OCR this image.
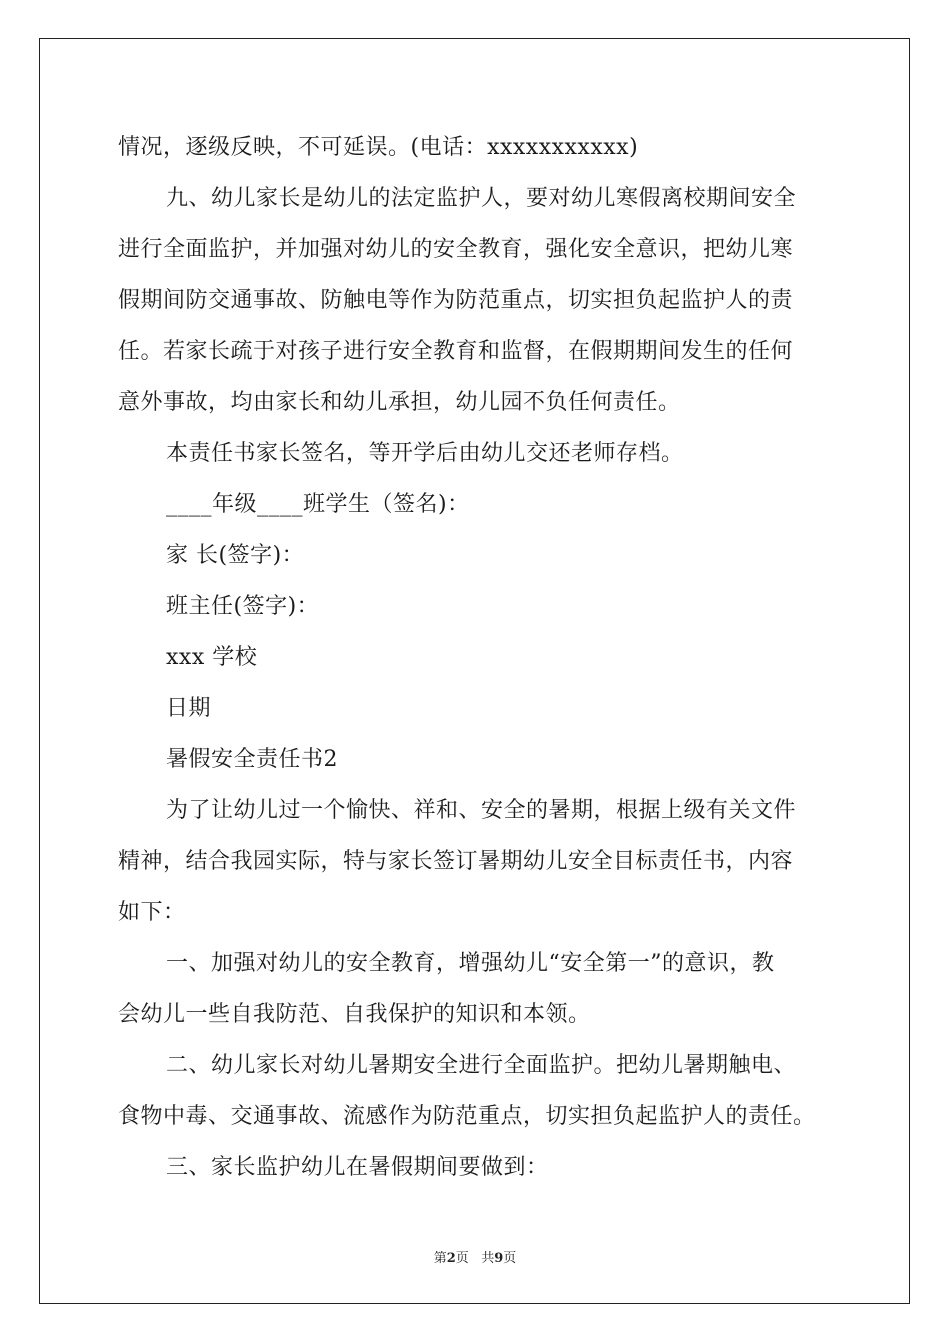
情况，逐级反映，不可延误。(电话：xxxxxxxxxxx)
九、幼儿家长是幼儿的法定监护人，要对幼儿寒假离校期间安全
进行全面监护，并加强对幼儿的安全教育，强化安全意识，把幼儿寒
假期间防交通事故、防触电等作为防范重点，切实担负起监护人的责
任。若家长疏于对孩子进行安全教育和监督，在假期期间发生的任何
意外事故，均由家长和幼儿承担，幼儿园不负任何责任。
本责任书家长签名，等开学后由幼儿交还老师存档。
____年级____班学生（签名)：
家 长(签字)：
班主任(签字)：
xxx 学校
日期
暑假安全责任书2
为了让幼儿过一个愉快、祥和、安全的暑期，根据上级有关文件
精神，结合我园实际，特与家长签订暑期幼儿安全目标责任书，内容
如下：
一、加强对幼儿的安全教育，增强幼儿“安全第一”的意识，教
会幼儿一些自我防范、自我保护的知识和本领。
二、幼儿家长对幼儿暑期安全进行全面监护。把幼儿暑期触电、
食物中毒、交通事故、流感作为防范重点，切实担负起监护人的责任。
三、家长监护幼儿在暑假期间要做到：
第2页   共9页
